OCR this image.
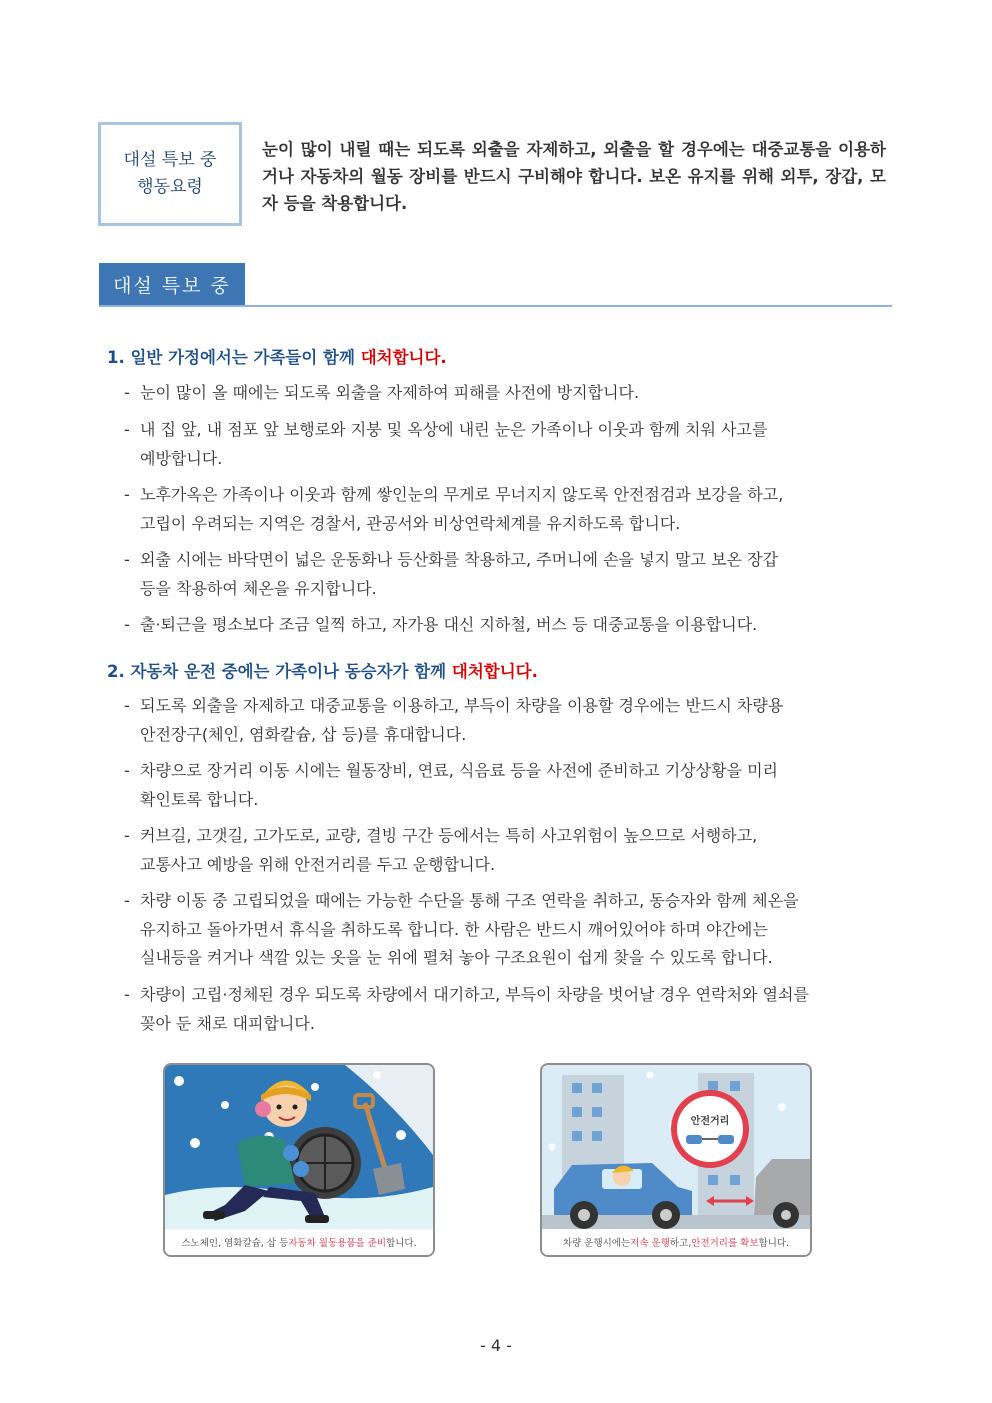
대설 특보 중
행동요령

눈이 많이 내릴 때는 되도록 외출을 자제하고, 외출을 할 경우에는 대중교통을 이용하거나 자동차의 월동 장비를 반드시 구비해야 합니다. 보온 유지를 위해 외투, 장갑, 모자 등을 착용합니다.

대설 특보 중

1. 일반 가정에서는 가족들이 함께 대처합니다.

- 눈이 많이 올 때에는 되도록 외출을 자제하여 피해를 사전에 방지합니다.
- 내 집 앞, 내 점포 앞 보행로와 지붕 및 옥상에 내린 눈은 가족이나 이웃과 함께 치워 사고를
예방합니다.
- 노후가옥은 가족이나 이웃과 함께 쌓인눈의 무게로 무너지지 않도록 안전점검과 보강을 하고,
고립이 우려되는 지역은 경찰서, 관공서와 비상연락체계를 유지하도록 합니다.
- 외출 시에는 바닥면이 넓은 운동화나 등산화를 착용하고, 주머니에 손을 넣지 말고 보온 장갑
등을 착용하여 체온을 유지합니다.
- 출·퇴근을 평소보다 조금 일찍 하고, 자가용 대신 지하철, 버스 등 대중교통을 이용합니다.

2. 자동차 운전 중에는 가족이나 동승자가 함께 대처합니다.

- 되도록 외출을 자제하고 대중교통을 이용하고, 부득이 차량을 이용할 경우에는 반드시 차량용
안전장구(체인, 염화칼슘, 삽 등)를 휴대합니다.
- 차량으로 장거리 이동 시에는 월동장비, 연료, 식음료 등을 사전에 준비하고 기상상황을 미리
확인토록 합니다.
- 커브길, 고갯길, 고가도로, 교량, 결빙 구간 등에서는 특히 사고위험이 높으므로 서행하고,
교통사고 예방을 위해 안전거리를 두고 운행합니다.
- 차량 이동 중 고립되었을 때에는 가능한 수단을 통해 구조 연락을 취하고, 동승자와 함께 체온을
유지하고 돌아가면서 휴식을 취하도록 합니다. 한 사람은 반드시 깨어있어야 하며 야간에는
실내등을 켜거나 색깔 있는 옷을 눈 위에 펼쳐 놓아 구조요원이 쉽게 찾을 수 있도록 합니다.
- 차량이 고립·정체된 경우 되도록 차량에서 대기하고, 부득이 차량을 벗어날 경우 연락처와 열쇠를
꽂아 둔 채로 대피합니다.
스노체인, 염화칼슘, 삽 등 자동차 월동용품을 준비 합니다.
안전거리
차량 운행시에는 저속 운행 하고, 안전거리를 확보 합니다.
- 4 -
